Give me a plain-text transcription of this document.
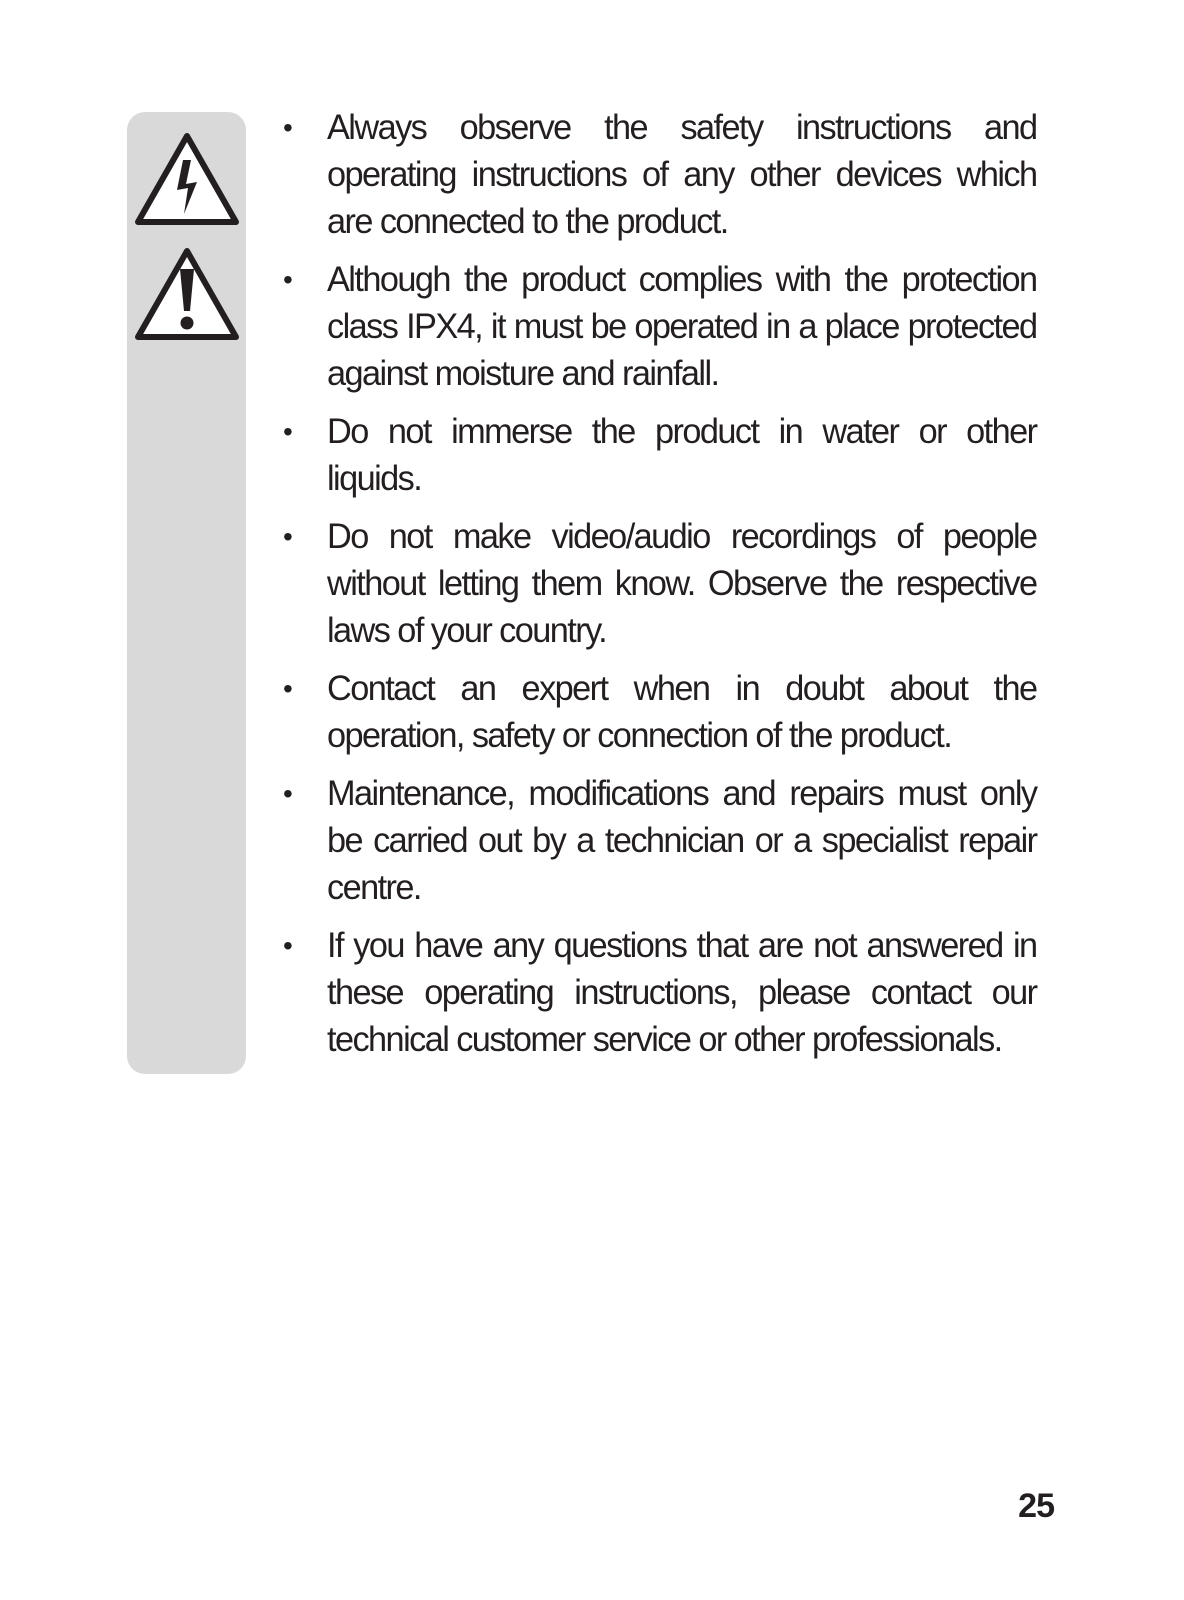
• Always observe the safety instructions and operating instructions of any other devices which are connected to the product.
• Although the product complies with the protection class IPX4, it must be operated in a place protected against moisture and rainfall.
• Do not immerse the product in water or other liquids.
• Do not make video/audio recordings of people without letting them know. Observe the respective laws of your country.
• Contact an expert when in doubt about the operation, safety or connection of the product.
• Maintenance, modifications and repairs must only be carried out by a technician or a specialist repair centre.
• If you have any questions that are not answered in these operating instructions, please contact our technical customer service or other professionals.
25
